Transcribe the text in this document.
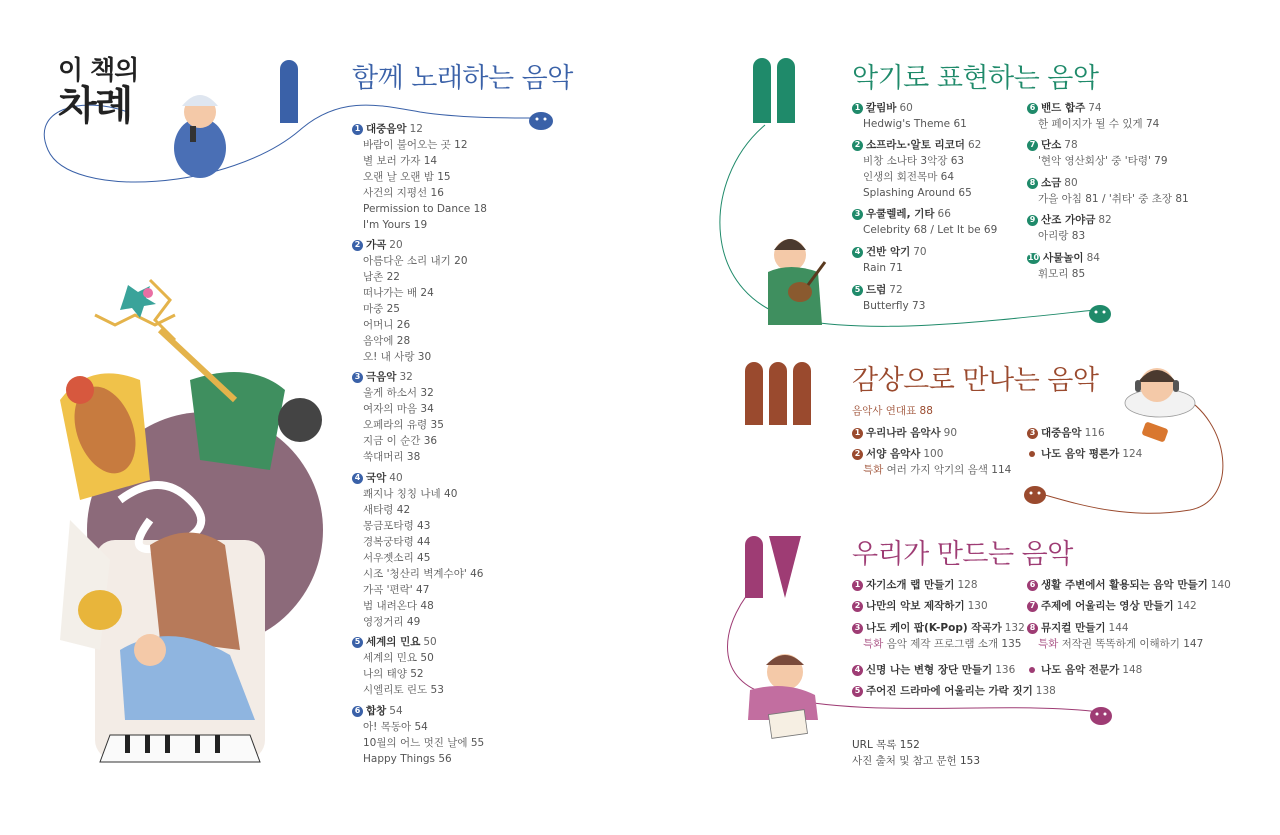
이 책의
차례
함께 노래하는 음악	악기로 표현하는 음악
감상으로 만나는 음악
우리가 만드는 음악
1 대중음악 12
바람이 불어오는 곳 12
별 보러 가자 14
오랜 날 오랜 밤 15
사건의 지평선 16
Permission to Dance 18
I'm Yours 19
2 가곡 20
아름다운 소리 내기 20
남촌 22
떠나가는 배 24
마중 25
어머니 26
음악에 28
오! 내 사랑 30
3 극음악 32
울게 하소서 32
여자의 마음 34
오페라의 유령 35
지금 이 순간 36
쑥대머리 38
4 국악 40
쾌지나 칭칭 나네 40
새타령 42
몽금포타령 43
경복궁타령 44
서우젯소리 45
시조 '청산리 벽계수야' 46
가곡 '편락' 47
범 내려온다 48
영정거리 49
5 세계의 민요 50
세계의 민요 50
나의 태양 52
시엘리토 린도 53
6 합창 54
아! 목동아 54
10월의 어느 멋진 날에 55
Happy Things 56
1 칼림바 60
Hedwig's Theme 61
2 소프라노·알토 리코더 62
비창 소나타 3악장 63
인생의 회전목마 64
Splashing Around 65
3 우쿨렐레, 기타 66
Celebrity 68 / Let It be 69
4 건반 악기 70
Rain 71
5 드럼 72
Butterfly 73
6 밴드 합주 74
한 페이지가 될 수 있게 74
7 단소 78
'현악 영산회상' 중 '타령' 79
8 소금 80
가을 아침 81 / '취타' 중 초장 81
9 산조 가야금 82
아리랑 83
10 사물놀이 84
휘모리 85
음악사 연대표 88
1 우리나라 음악사 90
2 서양 음악사 100
특화 여러 가지 악기의 음색 114
3 대중음악 116
나도 음악 평론가 124
1 자기소개 랩 만들기 128
2 나만의 악보 제작하기 130
3 나도 케이 팝(K-Pop) 작곡가 132
특화 음악 제작 프로그램 소개 135
4 신명 나는 변형 장단 만들기 136
5 주어진 드라마에 어울리는 가락 짓기 138
6 생활 주변에서 활용되는 음악 만들기 140
7 주제에 어울리는 영상 만들기 142
8 뮤지컬 만들기 144
특화 저작권 똑똑하게 이해하기 147
나도 음악 전문가 148
URL 목록 152
사진 출처 및 참고 문헌 153
